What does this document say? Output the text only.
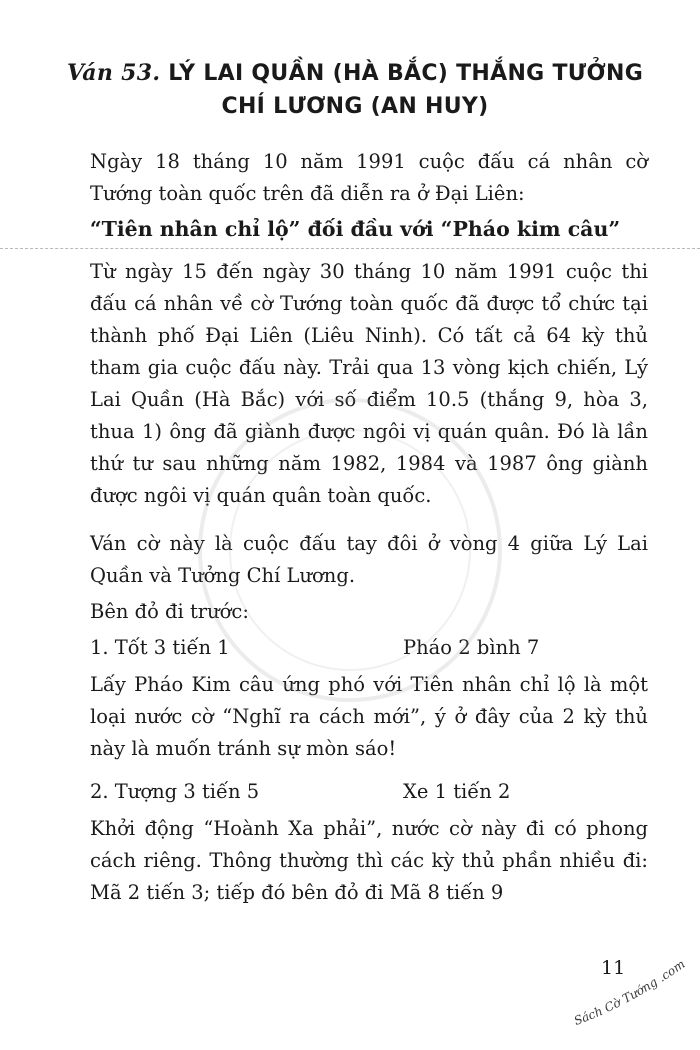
Ván 53. LÝ LAI QUẦN (HÀ BẮC) THẮNG TƯỞNG
CHÍ LƯƠNG (AN HUY)

Ngày 18 tháng 10 năm 1991 cuộc đấu cá nhân cờ Tướng toàn quốc trên đã diễn ra ở Đại Liên:

“Tiên nhân chỉ lộ” đối đầu với “Pháo kim câu”

Từ ngày 15 đến ngày 30 tháng 10 năm 1991 cuộc thi đấu cá nhân về cờ Tướng toàn quốc đã được tổ chức tại thành phố Đại Liên (Liêu Ninh). Có tất cả 64 kỳ thủ tham gia cuộc đấu này. Trải qua 13 vòng kịch chiến, Lý Lai Quần (Hà Bắc) với số điểm 10.5 (thắng 9, hòa 3, thua 1) ông đã giành được ngôi vị quán quân. Đó là lần thứ tư sau những năm 1982, 1984 và 1987 ông giành được ngôi vị quán quân toàn quốc.

Ván cờ này là cuộc đấu tay đôi ở vòng 4 giữa Lý Lai Quần và Tưởng Chí Lương.

Bên đỏ đi trước:

1. Tốt 3 tiến 1	Pháo 2 bình 7

Lấy Pháo Kim câu ứng phó với Tiên nhân chỉ lộ là một loại nước cờ “Nghĩ ra cách mới”, ý ở đây của 2 kỳ thủ này là muốn tránh sự mòn sáo!

2. Tượng 3 tiến 5	Xe 1 tiến 2

Khởi động “Hoành Xa phải”, nước cờ này đi có phong cách riêng. Thông thường thì các kỳ thủ phần nhiều đi: Mã 2 tiến 3; tiếp đó bên đỏ đi Mã 8 tiến 9

11
Sách Cờ Tướng .com
